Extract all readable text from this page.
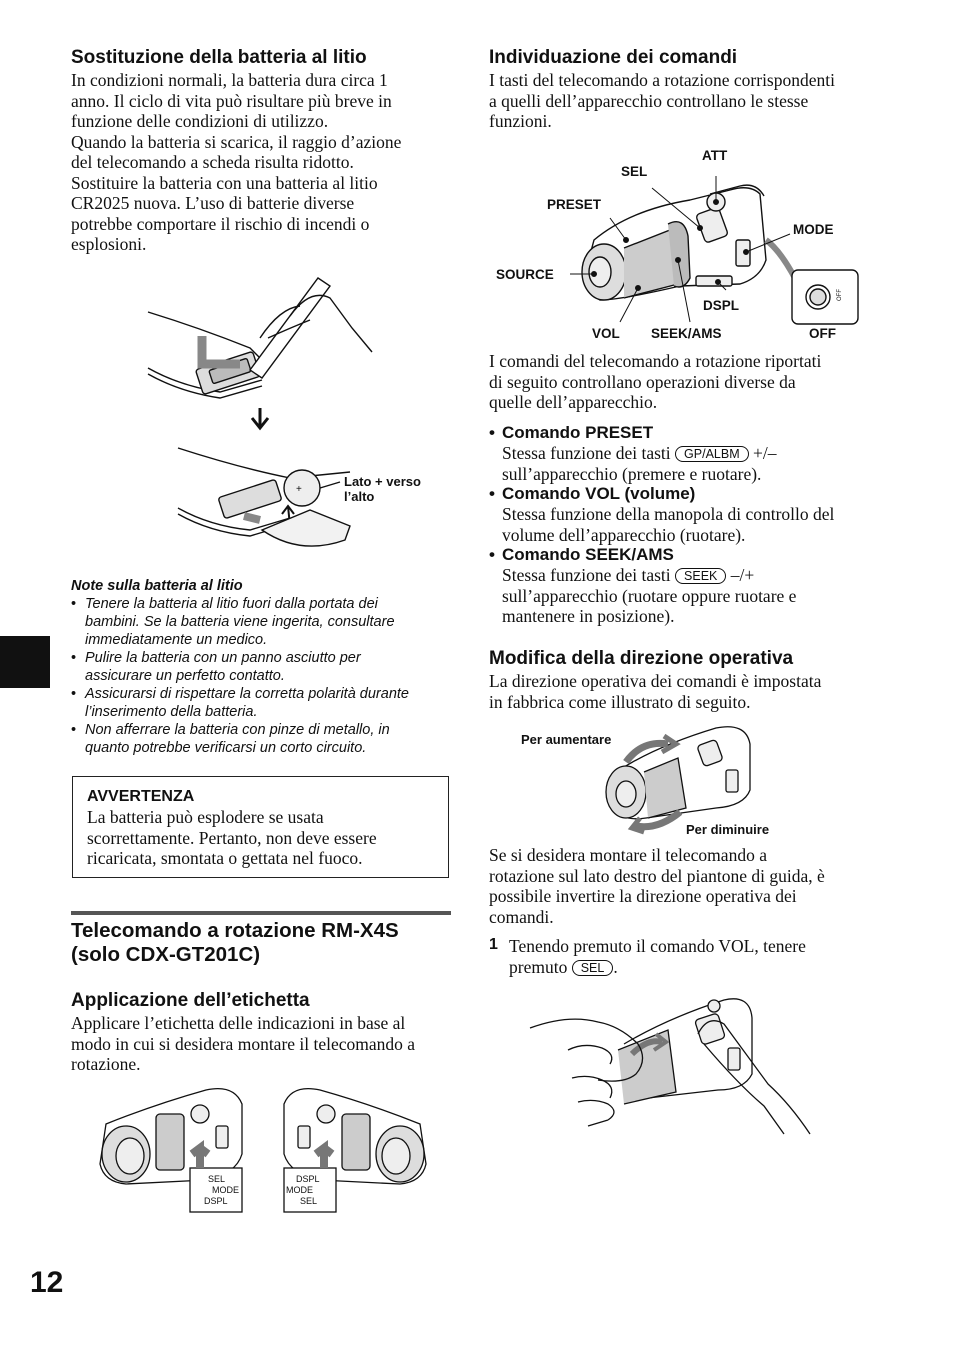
Sostituzione della batteria al litio
In condizioni normali, la batteria dura circa 1
anno. Il ciclo di vita può risultare più breve in
funzione delle condizioni di utilizzo.
Quando la batteria si scarica, il raggio d’azione
del telecomando a scheda risulta ridotto.
Sostituire la batteria con una batteria al litio
CR2025 nuova. L’uso di batterie diverse
potrebbe comportare il rischio di incendi o
esplosioni.
+
Lato + verso
l’alto
Note sulla batteria al litio
• Tenere la batteria al litio fuori dalla portata dei
bambini. Se la batteria viene ingerita, consultare
immediatamente un medico.
• Pulire la batteria con un panno asciutto per
assicurare un perfetto contatto.
• Assicurarsi di rispettare la corretta polarità durante
l’inserimento della batteria.
• Non afferrare la batteria con pinze di metallo, in
quanto potrebbe verificarsi un corto circuito.
AVVERTENZA
La batteria può esplodere se usata
scorrettamente. Pertanto, non deve essere
ricaricata, smontata o gettata nel fuoco.
Telecomando a rotazione RM-X4S
(solo CDX-GT201C)
Applicazione dell’etichetta
Applicare l’etichetta delle indicazioni in base al
modo in cui si desidera montare il telecomando a
rotazione.
SEL
MODE
DSPL
DSPL
MODE
SEL
12
Individuazione dei comandi
I tasti del telecomando a rotazione corrispondenti
a quelli dell’apparecchio controllano le stesse
funzioni.
ATT
SEL
PRESET
MODE
SOURCE
DSPL
VOL SEEK/AMS	OFF
OFF
I comandi del telecomando a rotazione riportati
di seguito controllano operazioni diverse da
quelle dell’apparecchio.
• Comando PRESET
Stessa funzione dei tasti GP/ALBM +/–
sull’apparecchio (premere e ruotare).
• Comando VOL (volume)
Stessa funzione della manopola di controllo del
volume dell’apparecchio (ruotare).
• Comando SEEK/AMS
Stessa funzione dei tasti SEEK –/+
sull’apparecchio (ruotare oppure ruotare e
mantenere in posizione).
Modifica della direzione operativa
La direzione operativa dei comandi è impostata
in fabbrica come illustrato di seguito.
Per aumentare
Per diminuire
Se si desidera montare il telecomando a
rotazione sul lato destro del piantone di guida, è
possibile invertire la direzione operativa dei
comandi.
1 Tenendo premuto il comando VOL, tenere
premuto SEL .
